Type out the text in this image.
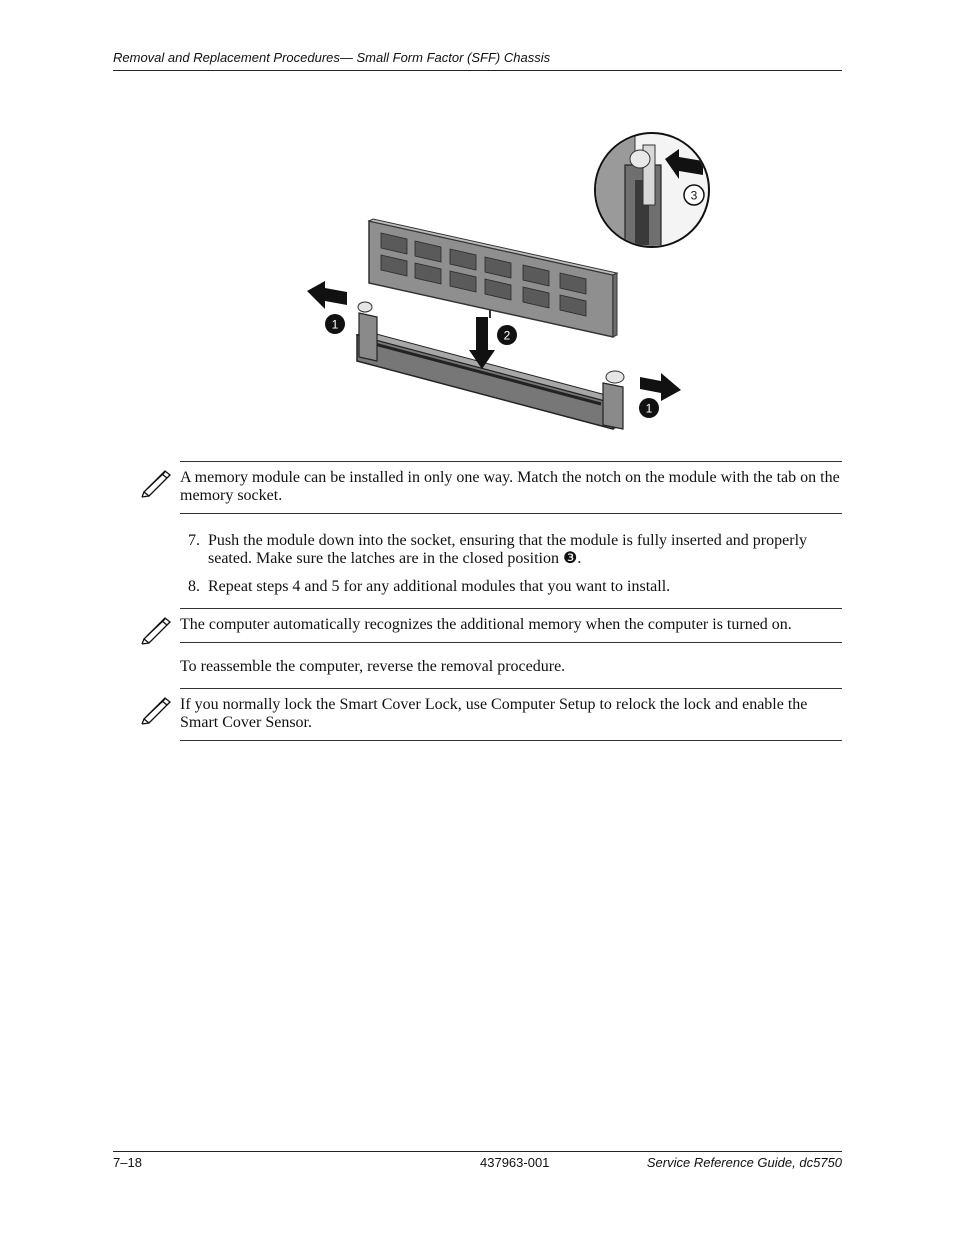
Removal and Replacement Procedures— Small Form Factor (SFF) Chassis
1
2
1
3
A memory module can be installed in only one way. Match the notch on the module with the tab on the memory socket.
7. Push the module down into the socket, ensuring that the module is fully inserted and properly seated. Make sure the latches are in the closed position ❸.
8. Repeat steps 4 and 5 for any additional modules that you want to install.
The computer automatically recognizes the additional memory when the computer is turned on.
To reassemble the computer, reverse the removal procedure.
If you normally lock the Smart Cover Lock, use Computer Setup to relock the lock and enable the Smart Cover Sensor.
7–18	437963-001	Service Reference Guide, dc5750
